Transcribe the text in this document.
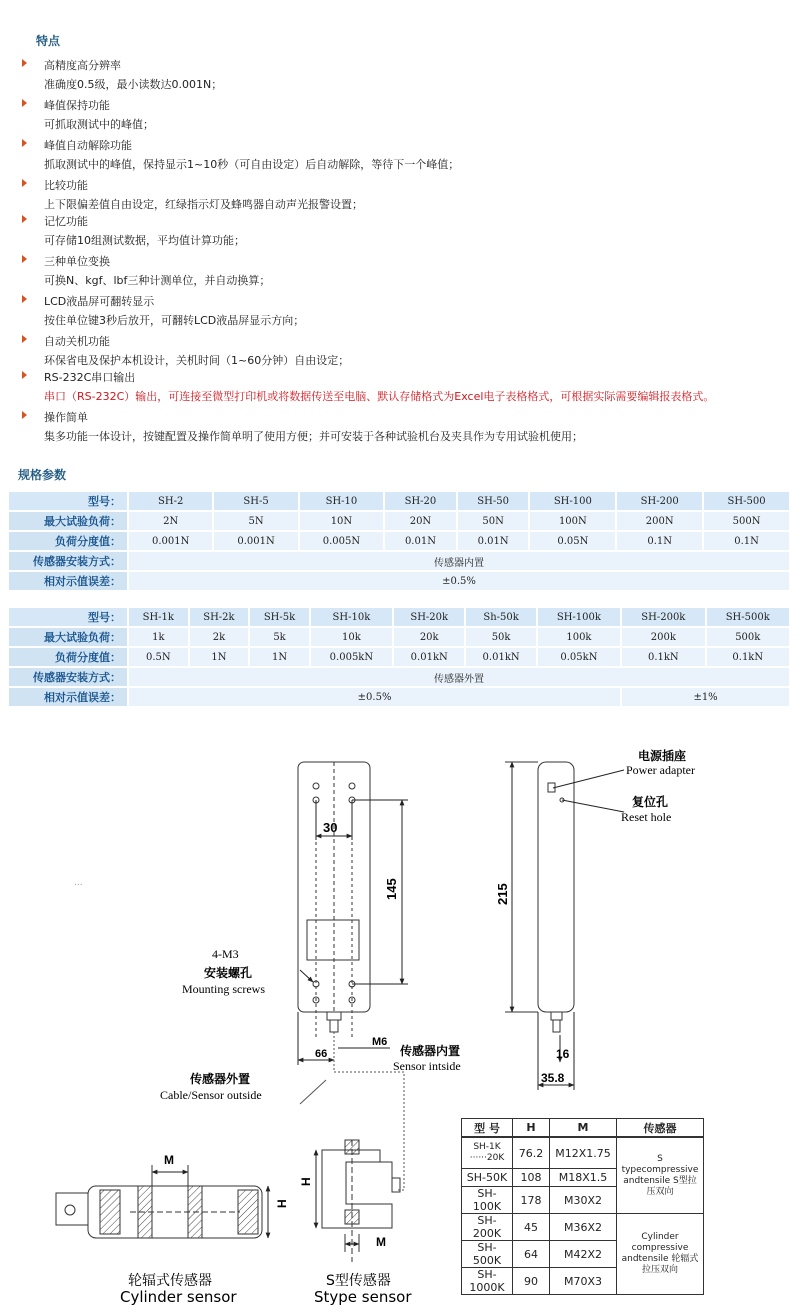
特点
高精度高分辨率
准确度0.5级，最小读数达0.001N；
峰值保持功能
可抓取测试中的峰值；
峰值自动解除功能
抓取测试中的峰值，保持显示1~10秒（可自由设定）后自动解除，等待下一个峰值；
比较功能
上下限偏差值自由设定，红绿指示灯及蜂鸣器自动声光报警设置；
记忆功能
可存储10组测试数据，平均值计算功能；
三种单位变换
可换N、kgf、lbf三种计测单位，并自动换算；
LCD液晶屏可翻转显示
按住单位键3秒后放开，可翻转LCD液晶屏显示方向；
自动关机功能
环保省电及保护本机设计，关机时间（1~60分钟）自由设定；
RS-232C串口输出
串口（RS-232C）输出，可连接至微型打印机或将数据传送至电脑、默认存储格式为Excel电子表格格式，可根据实际需要编辑报表格式。
操作简单
集多功能一体设计，按键配置及操作简单明了使用方便；并可安装于各种试验机台及夹具作为专用试验机使用；
规格参数
型号：	SH-2	SH-5	SH-10	SH-20	SH-50	SH-100	SH-200	SH-500
最大试验负荷：	2N	5N	10N	20N	50N	100N	200N	500N
负荷分度值：	0.001N	0.001N	0.005N	0.01N	0.01N	0.05N	0.1N	0.1N
传感器安装方式：	传感器内置							
相对示值误差：	±0.5%							
型号：	SH-1k	SH-2k	SH-5k	SH-10k	SH-20k	Sh-50k	SH-100k	SH-200k	SH-500k
最大试验负荷：	1k	2k	5k	10k	20k	50k	100k	200k	500k
负荷分度值：	0.5N	1N	1N	0.005kN	0.01kN	0.01kN	0.05kN	0.1kN	0.1kN
传感器安装方式：	传感器外置								
相对示值误差：	±0.5%							±1%	
...
30
145
66
M6
4-M3
安装螺孔
Mounting screws
215
16
35.8
电源插座
Power adapter
复位孔
Reset hole
传感器内置
Sensor intside
传感器外置
Cable/Sensor outside
M
H
轮辐式传感器
Cylinder sensor
H
M
S型传感器
Stype sensor
型 号	H	M	传感器
SH-1K ······20K	76.2	M12X1.75	S typecompressive andtensile S型拉压双向
SH-50K	108	M18X1.5	
SH-100K	178	M30X2	
SH-200K	45	M36X2	Cylinder compressive andtensile 轮辐式拉压双向
SH-500K	64	M42X2	
SH-1000K	90	M70X3	
